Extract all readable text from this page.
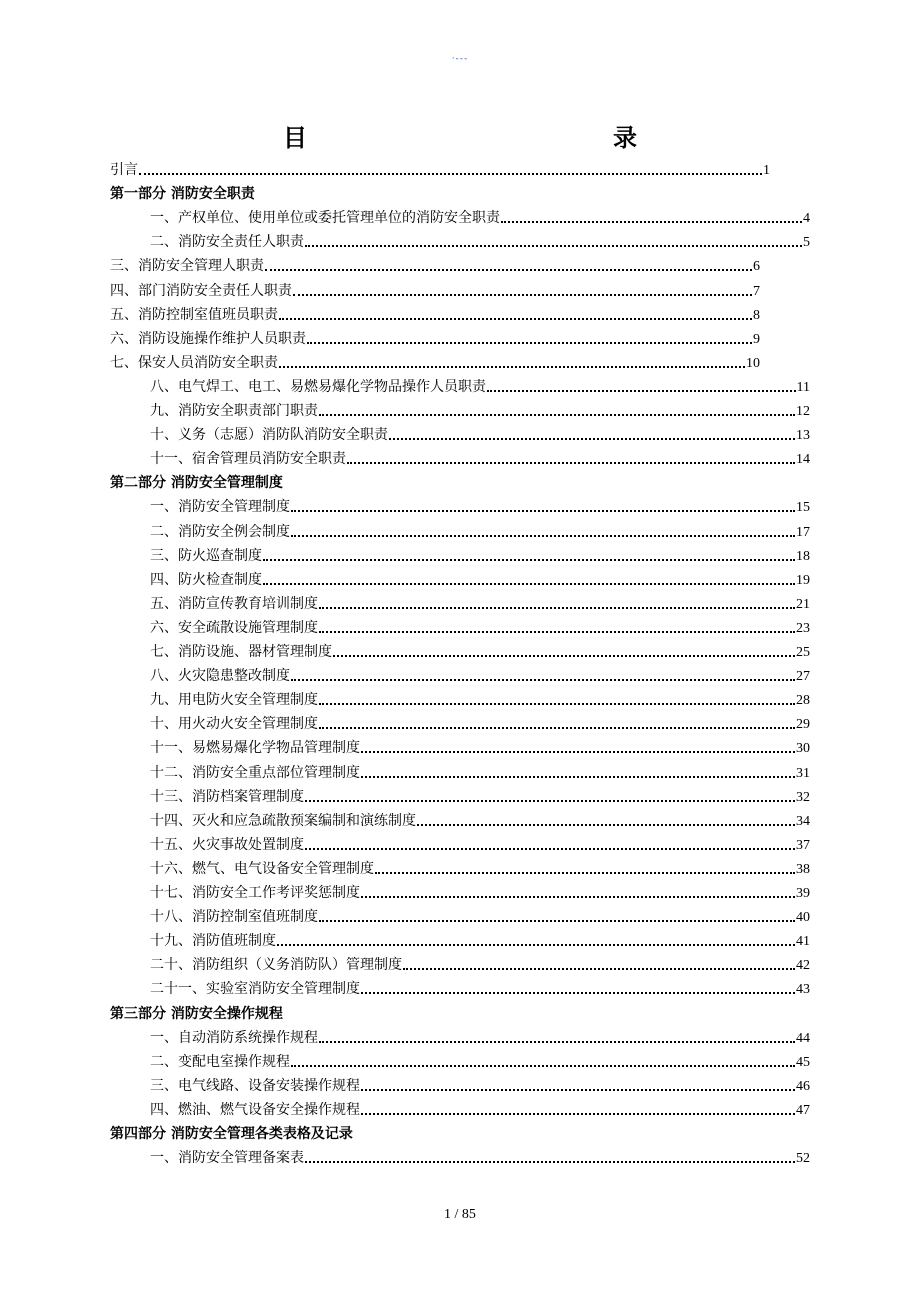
·---
目　　录
引言	1
第一部分 消防安全职责
一、产权单位、使用单位或委托管理单位的消防安全职责	4
二、消防安全责任人职责	5
三、消防安全管理人职责	6
四、部门消防安全责任人职责	7
五、消防控制室值班员职责	8
六、消防设施操作维护人员职责	9
七、保安人员消防安全职责	10
八、电气焊工、电工、易燃易爆化学物品操作人员职责	11
九、消防安全职责部门职责	12
十、义务（志愿）消防队消防安全职责	13
十一、宿舍管理员消防安全职责	14
第二部分 消防安全管理制度
一、消防安全管理制度	15
二、消防安全例会制度	17
三、防火巡查制度	18
四、防火检查制度	19
五、消防宣传教育培训制度	21
六、安全疏散设施管理制度	23
七、消防设施、器材管理制度	25
八、火灾隐患整改制度	27
九、用电防火安全管理制度	28
十、用火动火安全管理制度	29
十一、易燃易爆化学物品管理制度	30
十二、消防安全重点部位管理制度	31
十三、消防档案管理制度	32
十四、灭火和应急疏散预案编制和演练制度	34
十五、火灾事故处置制度	37
十六、燃气、电气设备安全管理制度	38
十七、消防安全工作考评奖惩制度	39
十八、消防控制室值班制度	40
十九、消防值班制度	41
二十、消防组织（义务消防队）管理制度	42
二十一、实验室消防安全管理制度	43
第三部分 消防安全操作规程
一、自动消防系统操作规程	44
二、变配电室操作规程	45
三、电气线路、设备安装操作规程	46
四、燃油、燃气设备安全操作规程	47
第四部分 消防安全管理各类表格及记录
一、消防安全管理备案表	52
1 / 85
